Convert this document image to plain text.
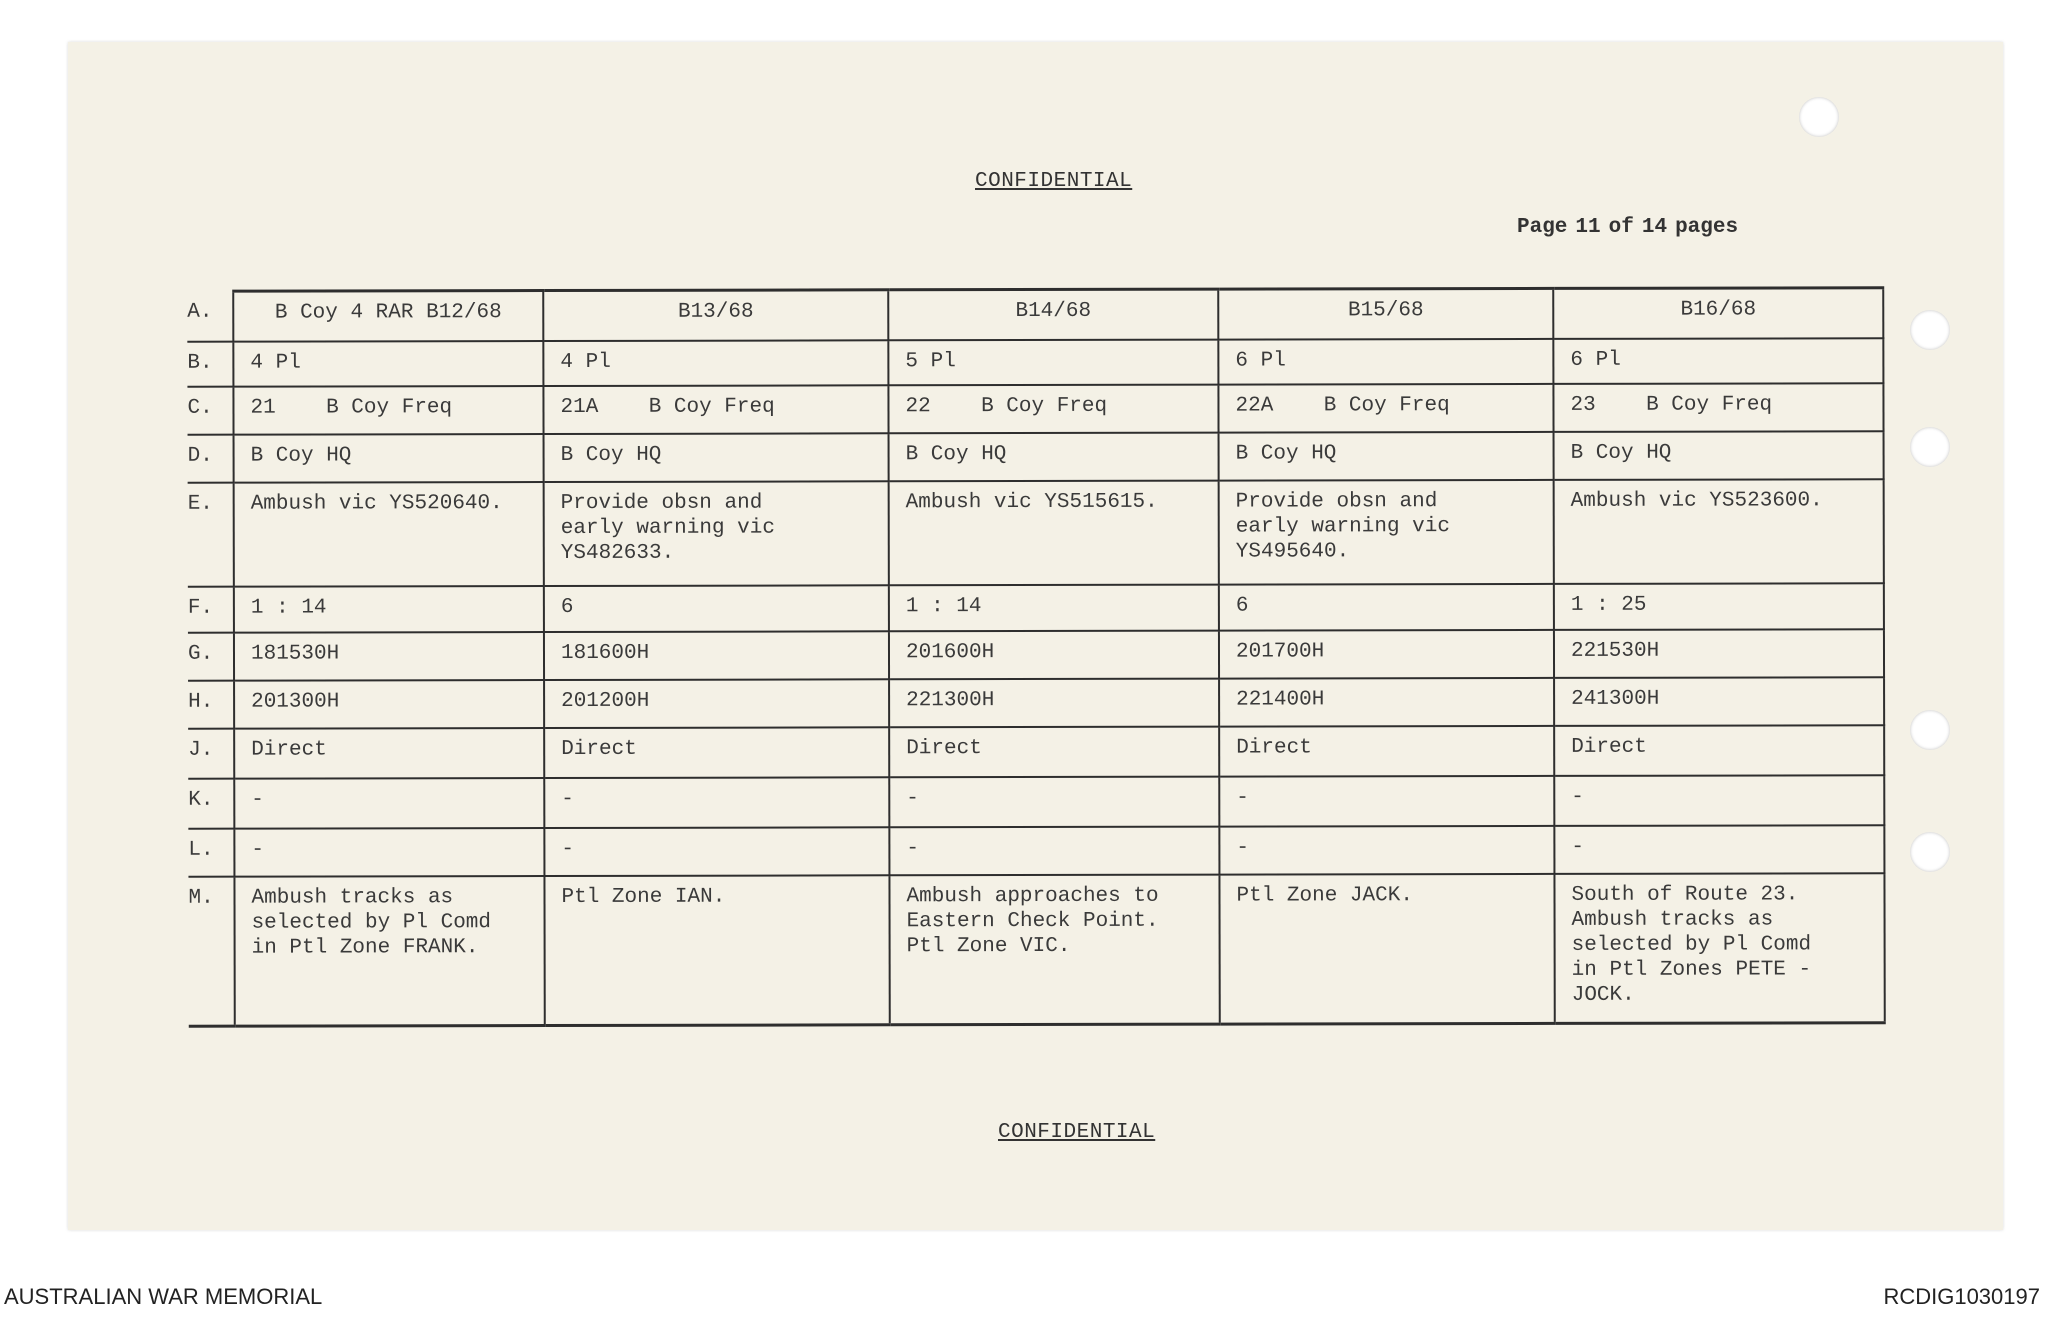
CONFIDENTIAL
Page 11 of 14 pages
A.	B Coy 4 RAR B12/68	B13/68	B14/68	B15/68	B16/68
B.	4 Pl	4 Pl	5 Pl	6 Pl	6 Pl
C.	21    B Coy Freq	21A    B Coy Freq	22    B Coy Freq	22A    B Coy Freq	23    B Coy Freq
D.	B Coy HQ	B Coy HQ	B Coy HQ	B Coy HQ	B Coy HQ
E.	Ambush vic YS520640.	Provide obsn and
early warning vic
YS482633.	Ambush vic YS515615.	Provide obsn and
early warning vic
YS495640.	Ambush vic YS523600.
F.	1 : 14	6	1 : 14	6	1 : 25
G.	181530H	181600H	201600H	201700H	221530H
H.	201300H	201200H	221300H	221400H	241300H
J.	Direct	Direct	Direct	Direct	Direct
K.	-	-	-	-	-
L.	-	-	-	-	-
M.	Ambush tracks as
selected by Pl Comd
in Ptl Zone FRANK.	Ptl Zone IAN.	Ambush approaches to
Eastern Check Point.
Ptl Zone VIC.	Ptl Zone JACK.	South of Route 23.
Ambush tracks as
selected by Pl Comd
in Ptl Zones PETE -
JOCK.
CONFIDENTIAL
AUSTRALIAN WAR MEMORIAL	RCDIG1030197
